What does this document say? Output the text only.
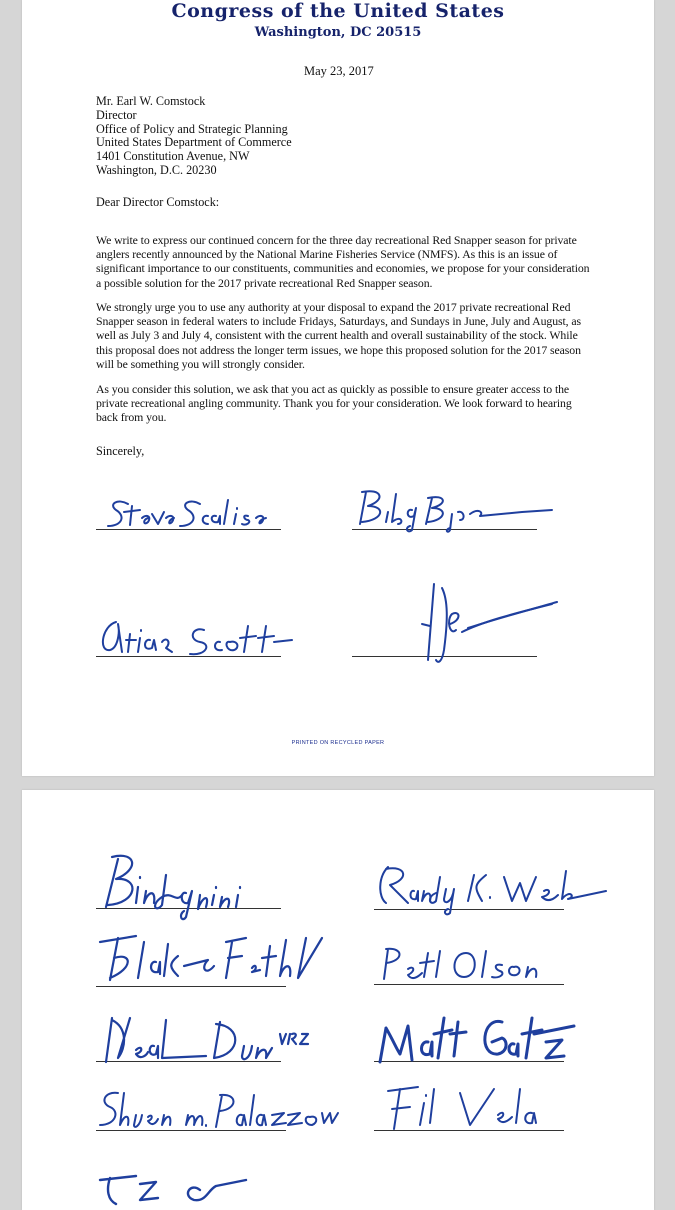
Congress of the United States
Washington, DC 20515
May 23, 2017
Mr. Earl W. Comstock
Director
Office of Policy and Strategic Planning
United States Department of Commerce
1401 Constitution Avenue, NW
Washington, D.C. 20230
Dear Director Comstock:

We write to express our continued concern for the three day recreational Red Snapper season for private anglers recently announced by the National Marine Fisheries Service (NMFS). As this is an issue of significant importance to our constituents, communities and economies, we propose for your consideration a possible solution for the 2017 private recreational Red Snapper season.

We strongly urge you to use any authority at your disposal to expand the 2017 private recreational Red Snapper season in federal waters to include Fridays, Saturdays, and Sundays in June, July and August, as well as July 3 and July 4, consistent with the current health and overall sustainability of the stock. While this proposal does not address the longer term issues, we hope this proposed solution for the 2017 season will be something you will strongly consider.

As you consider this solution, we ask that you act as quickly as possible to ensure greater access to the private recreational angling community. Thank you for your consideration. We look forward to hearing back from you.

Sincerely,
PRINTED ON RECYCLED PAPER
